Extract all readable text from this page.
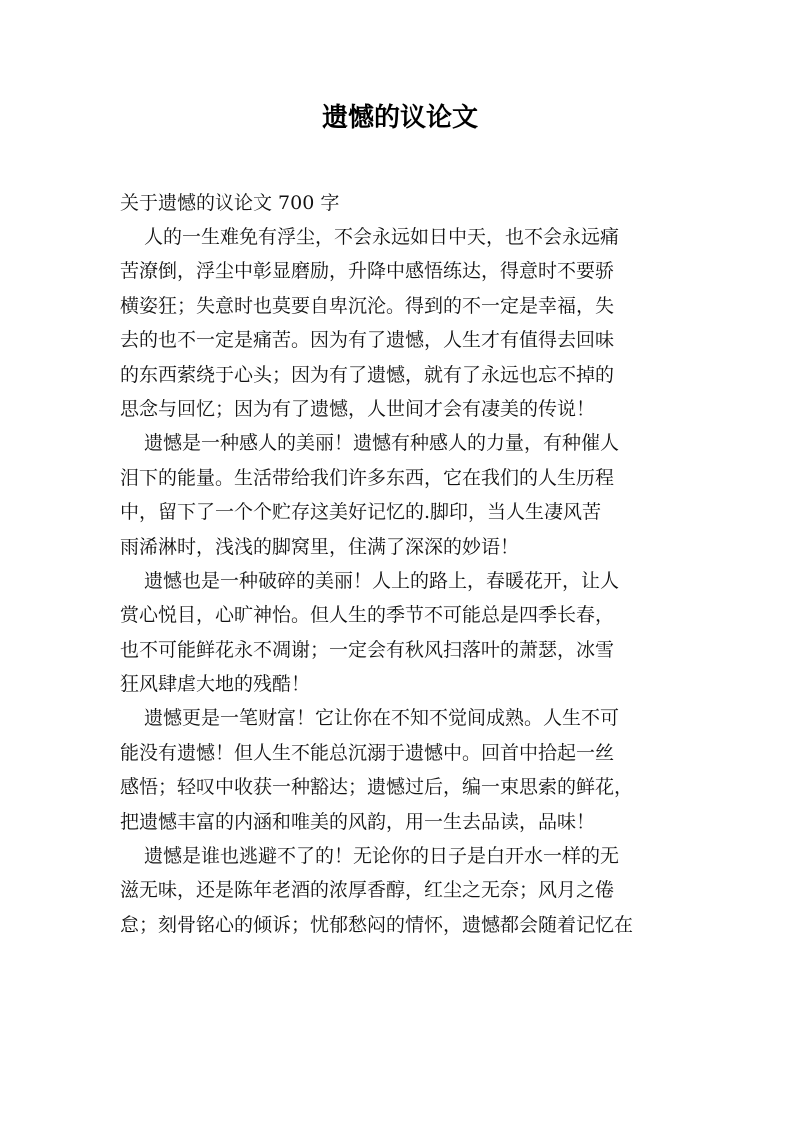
遗憾的议论文

关于遗憾的议论文 700 字

人的一生难免有浮尘，不会永远如日中天，也不会永远痛
苦潦倒，浮尘中彰显磨励，升降中感悟练达，得意时不要骄
横姿狂；失意时也莫要自卑沉沦。得到的不一定是幸福，失
去的也不一定是痛苦。因为有了遗憾，人生才有值得去回味
的东西萦绕于心头；因为有了遗憾，就有了永远也忘不掉的
思念与回忆；因为有了遗憾，人世间才会有凄美的传说！
遗憾是一种感人的美丽！遗憾有种感人的力量，有种催人
泪下的能量。生活带给我们许多东西，它在我们的人生历程
中，留下了一个个贮存这美好记忆的.脚印，当人生凄风苦
雨浠淋时，浅浅的脚窝里，住满了深深的妙语！
遗憾也是一种破碎的美丽！人上的路上，春暖花开，让人
赏心悦目，心旷神怡。但人生的季节不可能总是四季长春，
也不可能鲜花永不凋谢；一定会有秋风扫落叶的萧瑟，冰雪
狂风肆虐大地的残酷！
遗憾更是一笔财富！它让你在不知不觉间成熟。人生不可
能没有遗憾！但人生不能总沉溺于遗憾中。回首中拾起一丝
感悟；轻叹中收获一种豁达；遗憾过后，编一束思索的鲜花，
把遗憾丰富的内涵和唯美的风韵，用一生去品读，品味！
遗憾是谁也逃避不了的！无论你的日子是白开水一样的无
滋无味，还是陈年老酒的浓厚香醇，红尘之无奈；风月之倦
怠；刻骨铭心的倾诉；忧郁愁闷的情怀，遗憾都会随着记忆在
